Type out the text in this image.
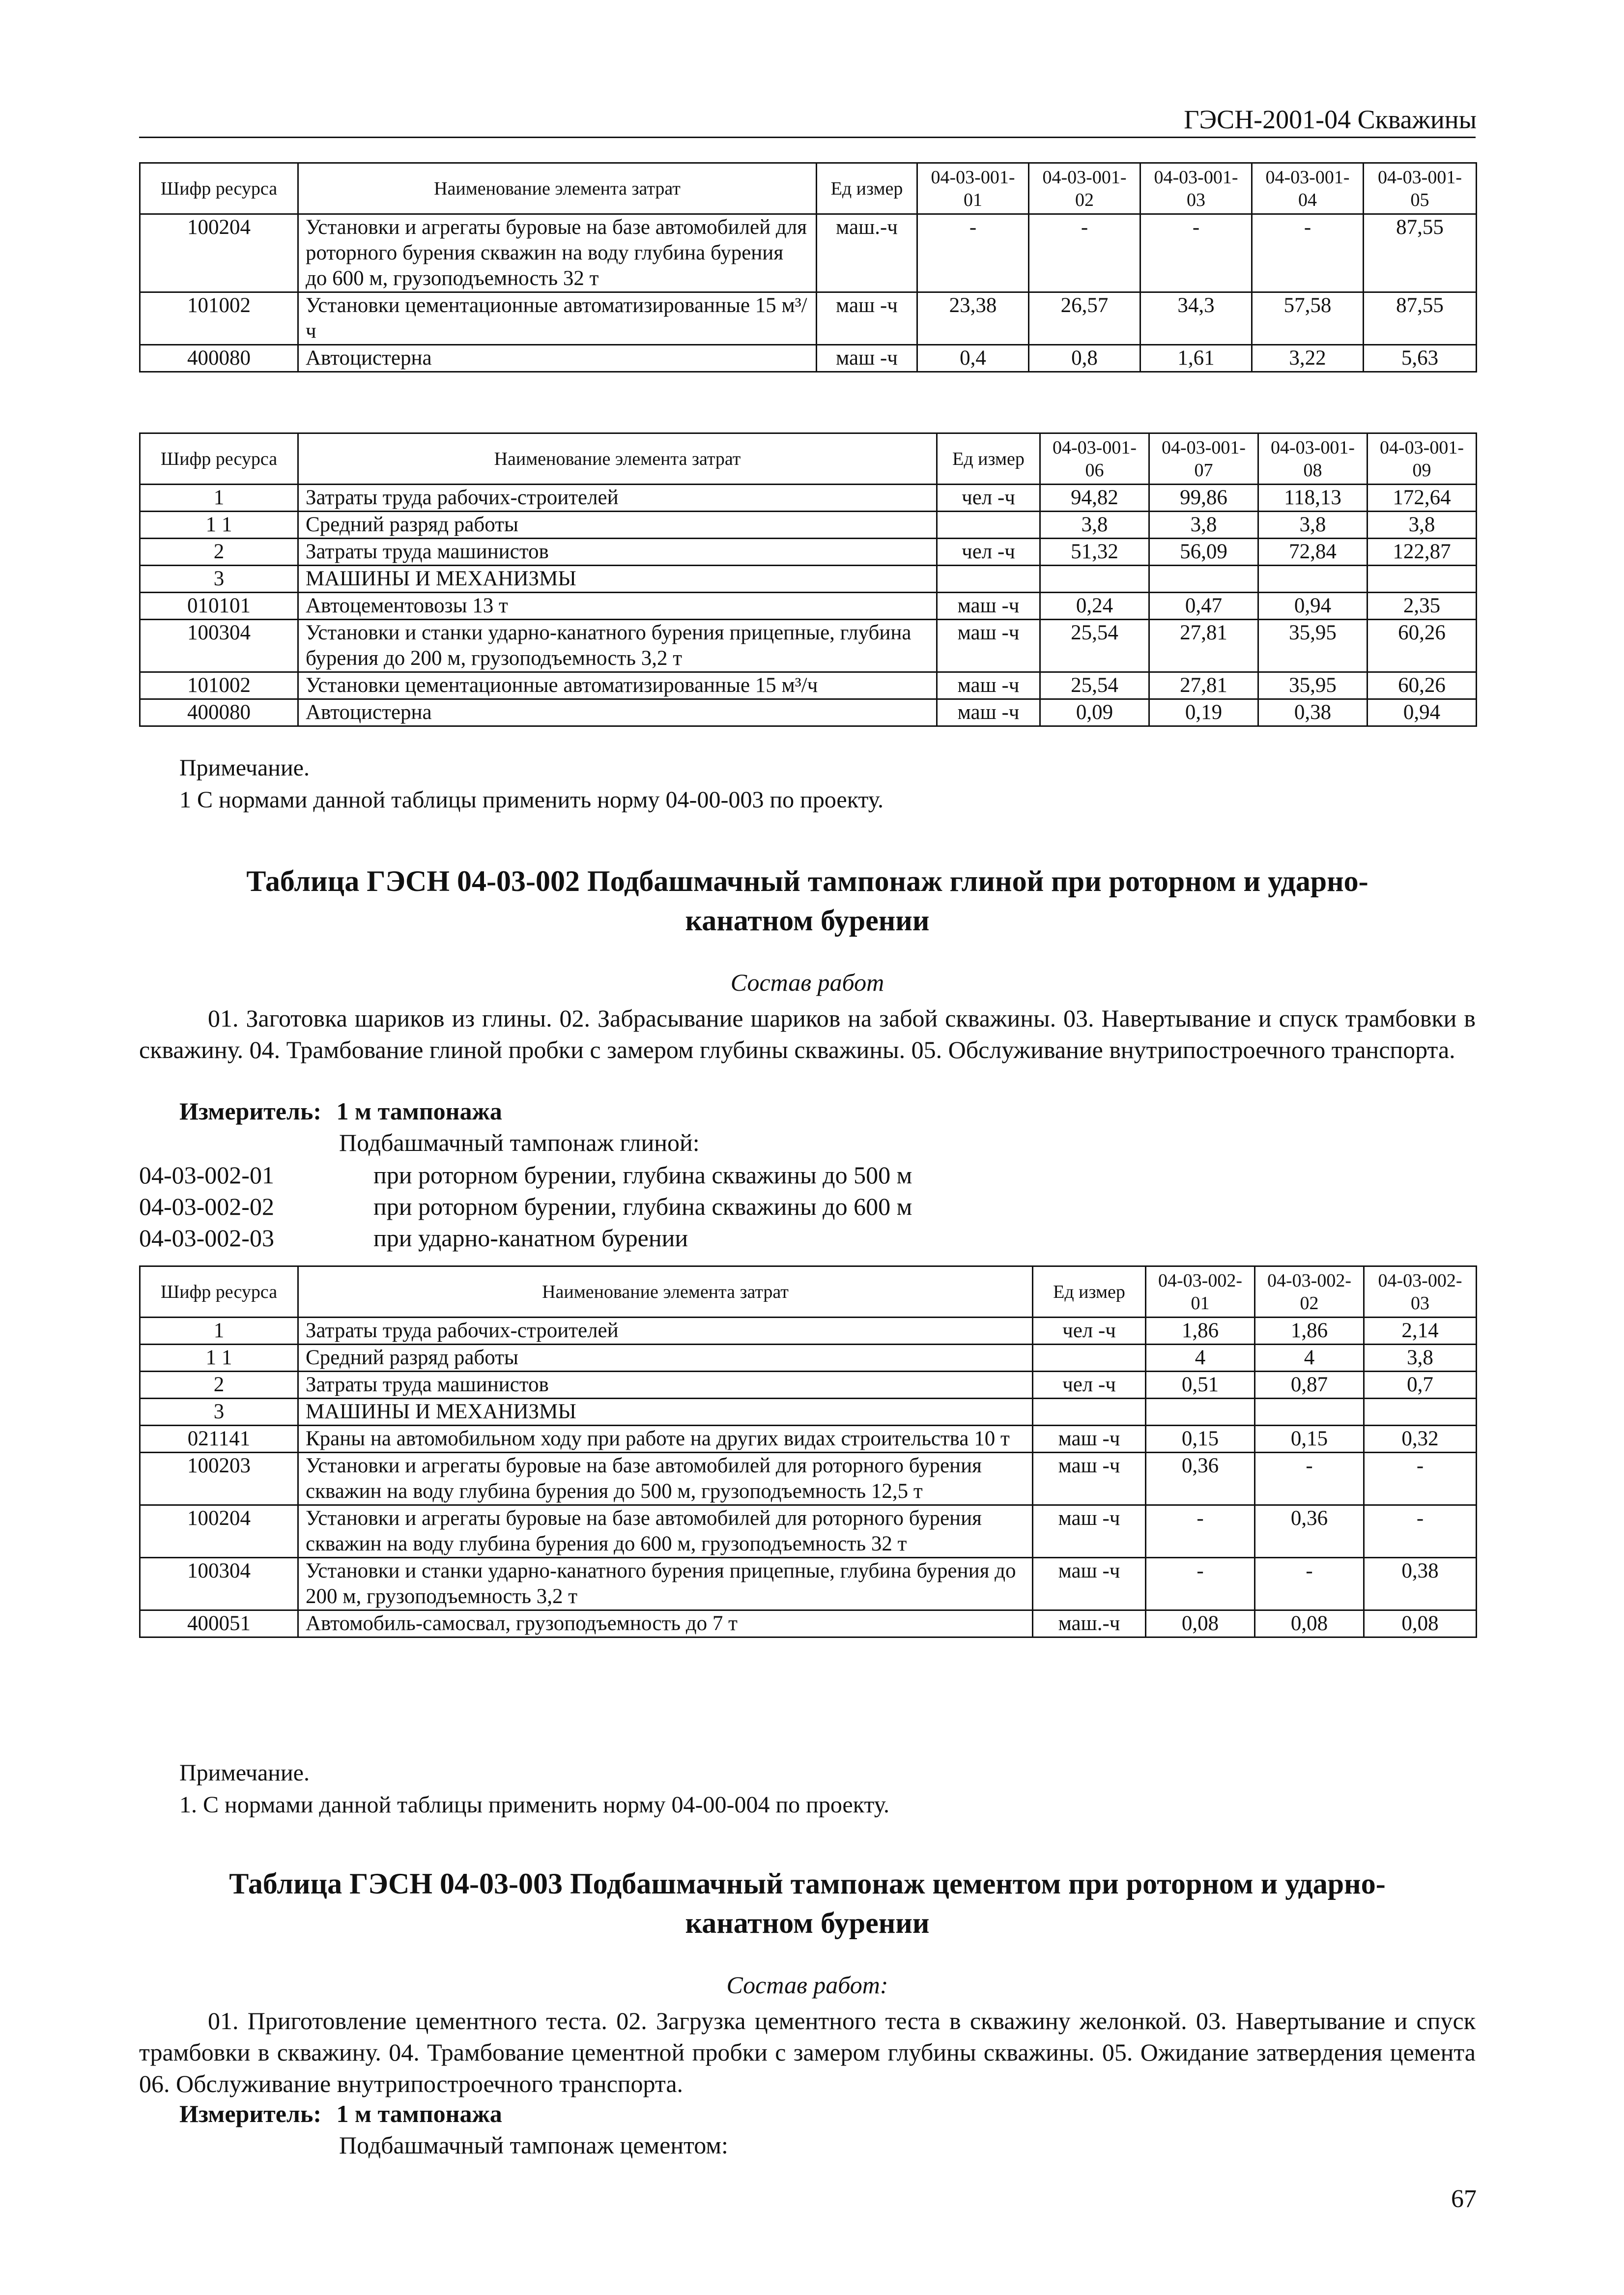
ГЭСН-2001-04 Скважины
Шифр ресурса	Наименование элемента затрат	Ед измер	04-03-001-01	04-03-001-02	04-03-001-03	04-03-001-04	04-03-001-05
100204	Установки и агрегаты буровые на базе автомобилей для роторного бурения скважин на воду глубина бурения до 600 м, грузоподъемность 32 т	маш.-ч	-	-	-	-	87,55
101002	Установки цементационные автоматизированные 15 м³/ч	маш -ч	23,38	26,57	34,3	57,58	87,55
400080	Автоцистерна	маш -ч	0,4	0,8	1,61	3,22	5,63
Шифр ресурса	Наименование элемента затрат	Ед измер	04-03-001-06	04-03-001-07	04-03-001-08	04-03-001-09
1	Затраты труда рабочих-строителей	чел -ч	94,82	99,86	118,13	172,64
1 1	Средний разряд работы		3,8	3,8	3,8	3,8
2	Затраты труда машинистов	чел -ч	51,32	56,09	72,84	122,87
3	МАШИНЫ И МЕХАНИЗМЫ					
010101	Автоцементовозы 13 т	маш -ч	0,24	0,47	0,94	2,35
100304	Установки и станки ударно-канатного бурения прицепные, глубина бурения до 200 м, грузоподъемность 3,2 т	маш -ч	25,54	27,81	35,95	60,26
101002	Установки цементационные автоматизированные 15 м³/ч	маш -ч	25,54	27,81	35,95	60,26
400080	Автоцистерна	маш -ч	0,09	0,19	0,38	0,94
Примечание.
1 С нормами данной таблицы применить норму 04-00-003 по проекту.
Таблица ГЭСН 04-03-002 Подбашмачный тампонаж глиной при роторном и ударно-
канатном бурении
Состав работ
01. Заготовка шариков из глины. 02. Забрасывание шариков на забой скважины. 03. Навертывание и спуск трамбовки в скважину. 04. Трамбование глиной пробки с замером глубины скважины. 05. Обслуживание внутрипостроечного транспорта.
Измеритель: 1 м тампонажа
Подбашмачный тампонаж глиной:
04-03-002-01	при роторном бурении, глубина скважины до 500 м
04-03-002-02	при роторном бурении, глубина скважины до 600 м
04-03-002-03	при ударно-канатном бурении
Шифр ресурса	Наименование элемента затрат	Ед измер	04-03-002-01	04-03-002-02	04-03-002-03
1	Затраты труда рабочих-строителей	чел -ч	1,86	1,86	2,14
1 1	Средний разряд работы		4	4	3,8
2	Затраты труда машинистов	чел -ч	0,51	0,87	0,7
3	МАШИНЫ И МЕХАНИЗМЫ				
021141	Краны на автомобильном ходу при работе на других видах строительства 10 т	маш -ч	0,15	0,15	0,32
100203	Установки и агрегаты буровые на базе автомобилей для роторного бурения скважин на воду глубина бурения до 500 м, грузоподъемность 12,5 т	маш -ч	0,36	-	-
100204	Установки и агрегаты буровые на базе автомобилей для роторного бурения скважин на воду глубина бурения до 600 м, грузоподъемность 32 т	маш -ч	-	0,36	-
100304	Установки и станки ударно-канатного бурения прицепные, глубина бурения до 200 м, грузоподъемность 3,2 т	маш -ч	-	-	0,38
400051	Автомобиль-самосвал, грузоподъемность до 7 т	маш.-ч	0,08	0,08	0,08
Примечание.
1. С нормами данной таблицы применить норму 04-00-004 по проекту.
Таблица ГЭСН 04-03-003 Подбашмачный тампонаж цементом при роторном и ударно-
канатном бурении
Состав работ:
01. Приготовление цементного теста. 02. Загрузка цементного теста в скважину желонкой. 03. Навертывание и спуск трамбовки в скважину. 04. Трамбование цементной пробки с замером глубины скважины. 05. Ожидание затвердения цемента 06. Обслуживание внутрипостроечного транспорта.
Измеритель: 1 м тампонажа
Подбашмачный тампонаж цементом:
67
